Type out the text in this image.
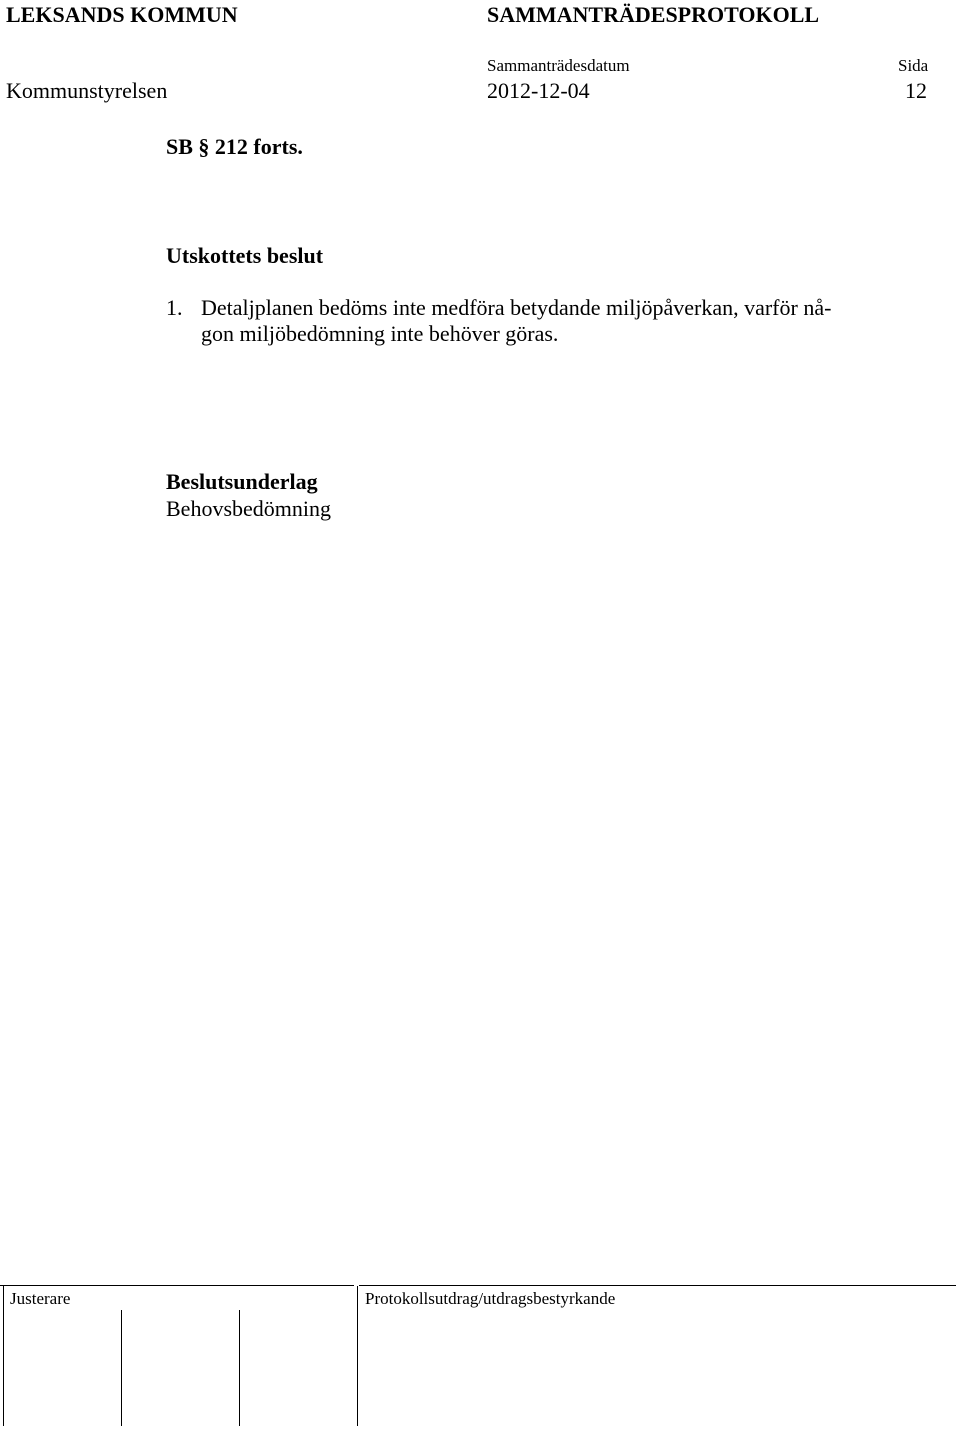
LEKSANDS KOMMUN	SAMMANTRÄDESPROTOKOLL
Sammanträdesdatum	Sida
Kommunstyrelsen	2012-12-04	12
SB § 212 forts.
Utskottets beslut
1. Detaljplanen bedöms inte medföra betydande miljöpåverkan, varför nå-
gon miljöbedömning inte behöver göras.
Beslutsunderlag
Behovsbedömning
Justerare	Protokollsutdrag/utdragsbestyrkande
